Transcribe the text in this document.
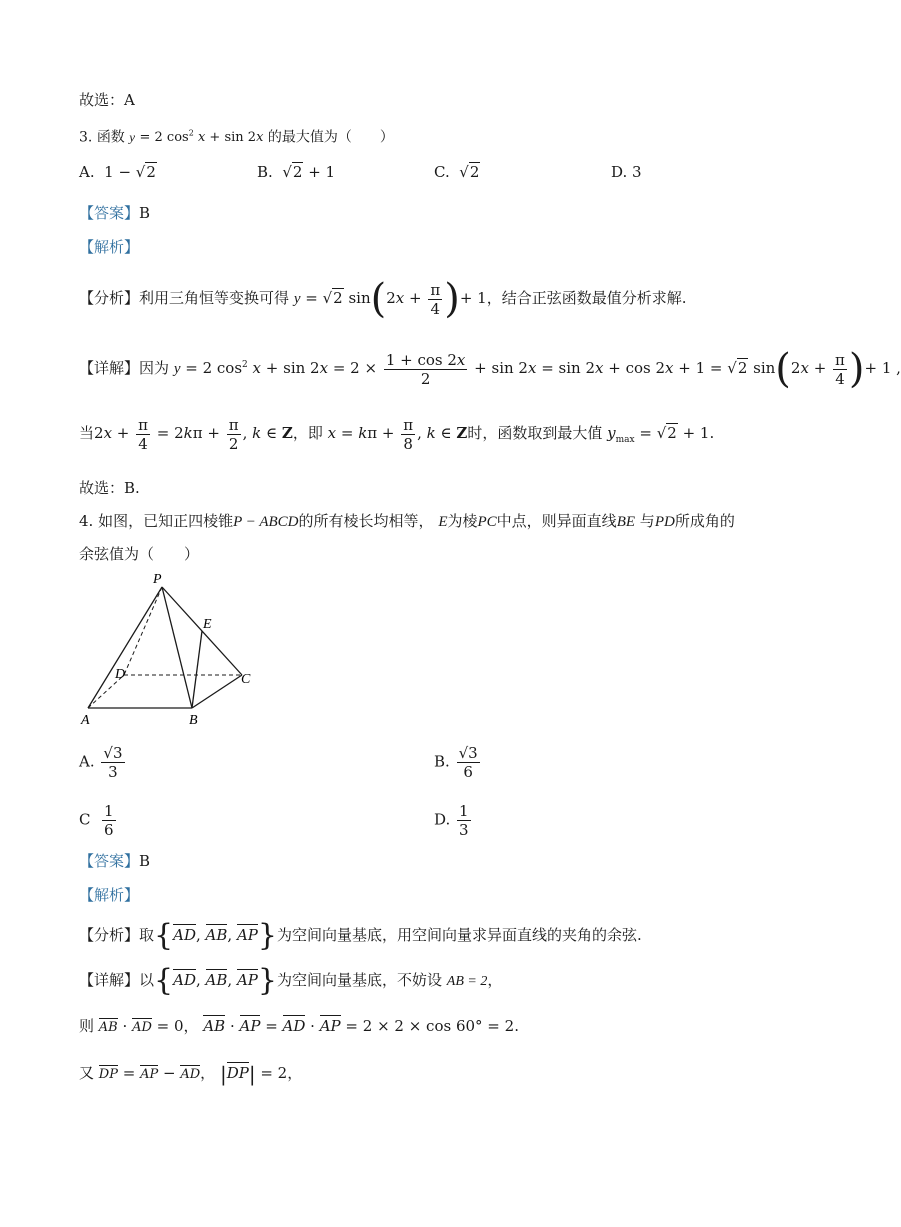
故选：A
3. 函数 y = 2 $\cos^2 x + \sin 2x$ 的最大值为（　　）
A.  1 − √2	B.  √2 + 1	C.  √2	D. 3
【答案】B
【解析】
【分析】利用三角恒等变换可得 y = √2 $\sin(2x + \frac{\pi}{4}$ )+ 1，结合正弦函数最值分析求解.
【详解】因为 y = 2 $\cos^2 x + \sin 2x = 2 \times \frac{1 + \cos 2x}{2} + \sin 2x = \sin 2x + \cos 2x + 1 = √2$ $\sin(2x + \frac{\pi}{4}$ )+ 1 ,
当$2x + \frac{\pi}{4} = 2k\pi + \frac{\pi}{2}$ , k ∈ Z，即 $x = k\pi + \frac{\pi}{8}$ , k ∈ Z时，函数取到最大值 $y_{max} = √2 + 1$.
故选：B.
4. 如图，已知正四棱锥P − ABCD的所有棱长均相等， E为棱PC中点，则异面直线BE 与PD所成角的
余弦值为（　　）
P
E
D	C
A	B
A. $\frac{√3}{3}$	B. $\frac{√3}{6}$
C $\frac{1}{6}$	D. $\frac{1}{3}$
【答案】B
【解析】
【分析】取{AD, AB, AP}为空间向量基底，用空间向量求异面直线的夹角的余弦.
【详解】以{AD, AB, AP}为空间向量基底，不妨设 AB = 2，
则 AB · AD = 0， AB · AP = AD · AP = 2 × 2 × cos 60° = 2.
又 DP = AP − AD， |DP| = 2，
